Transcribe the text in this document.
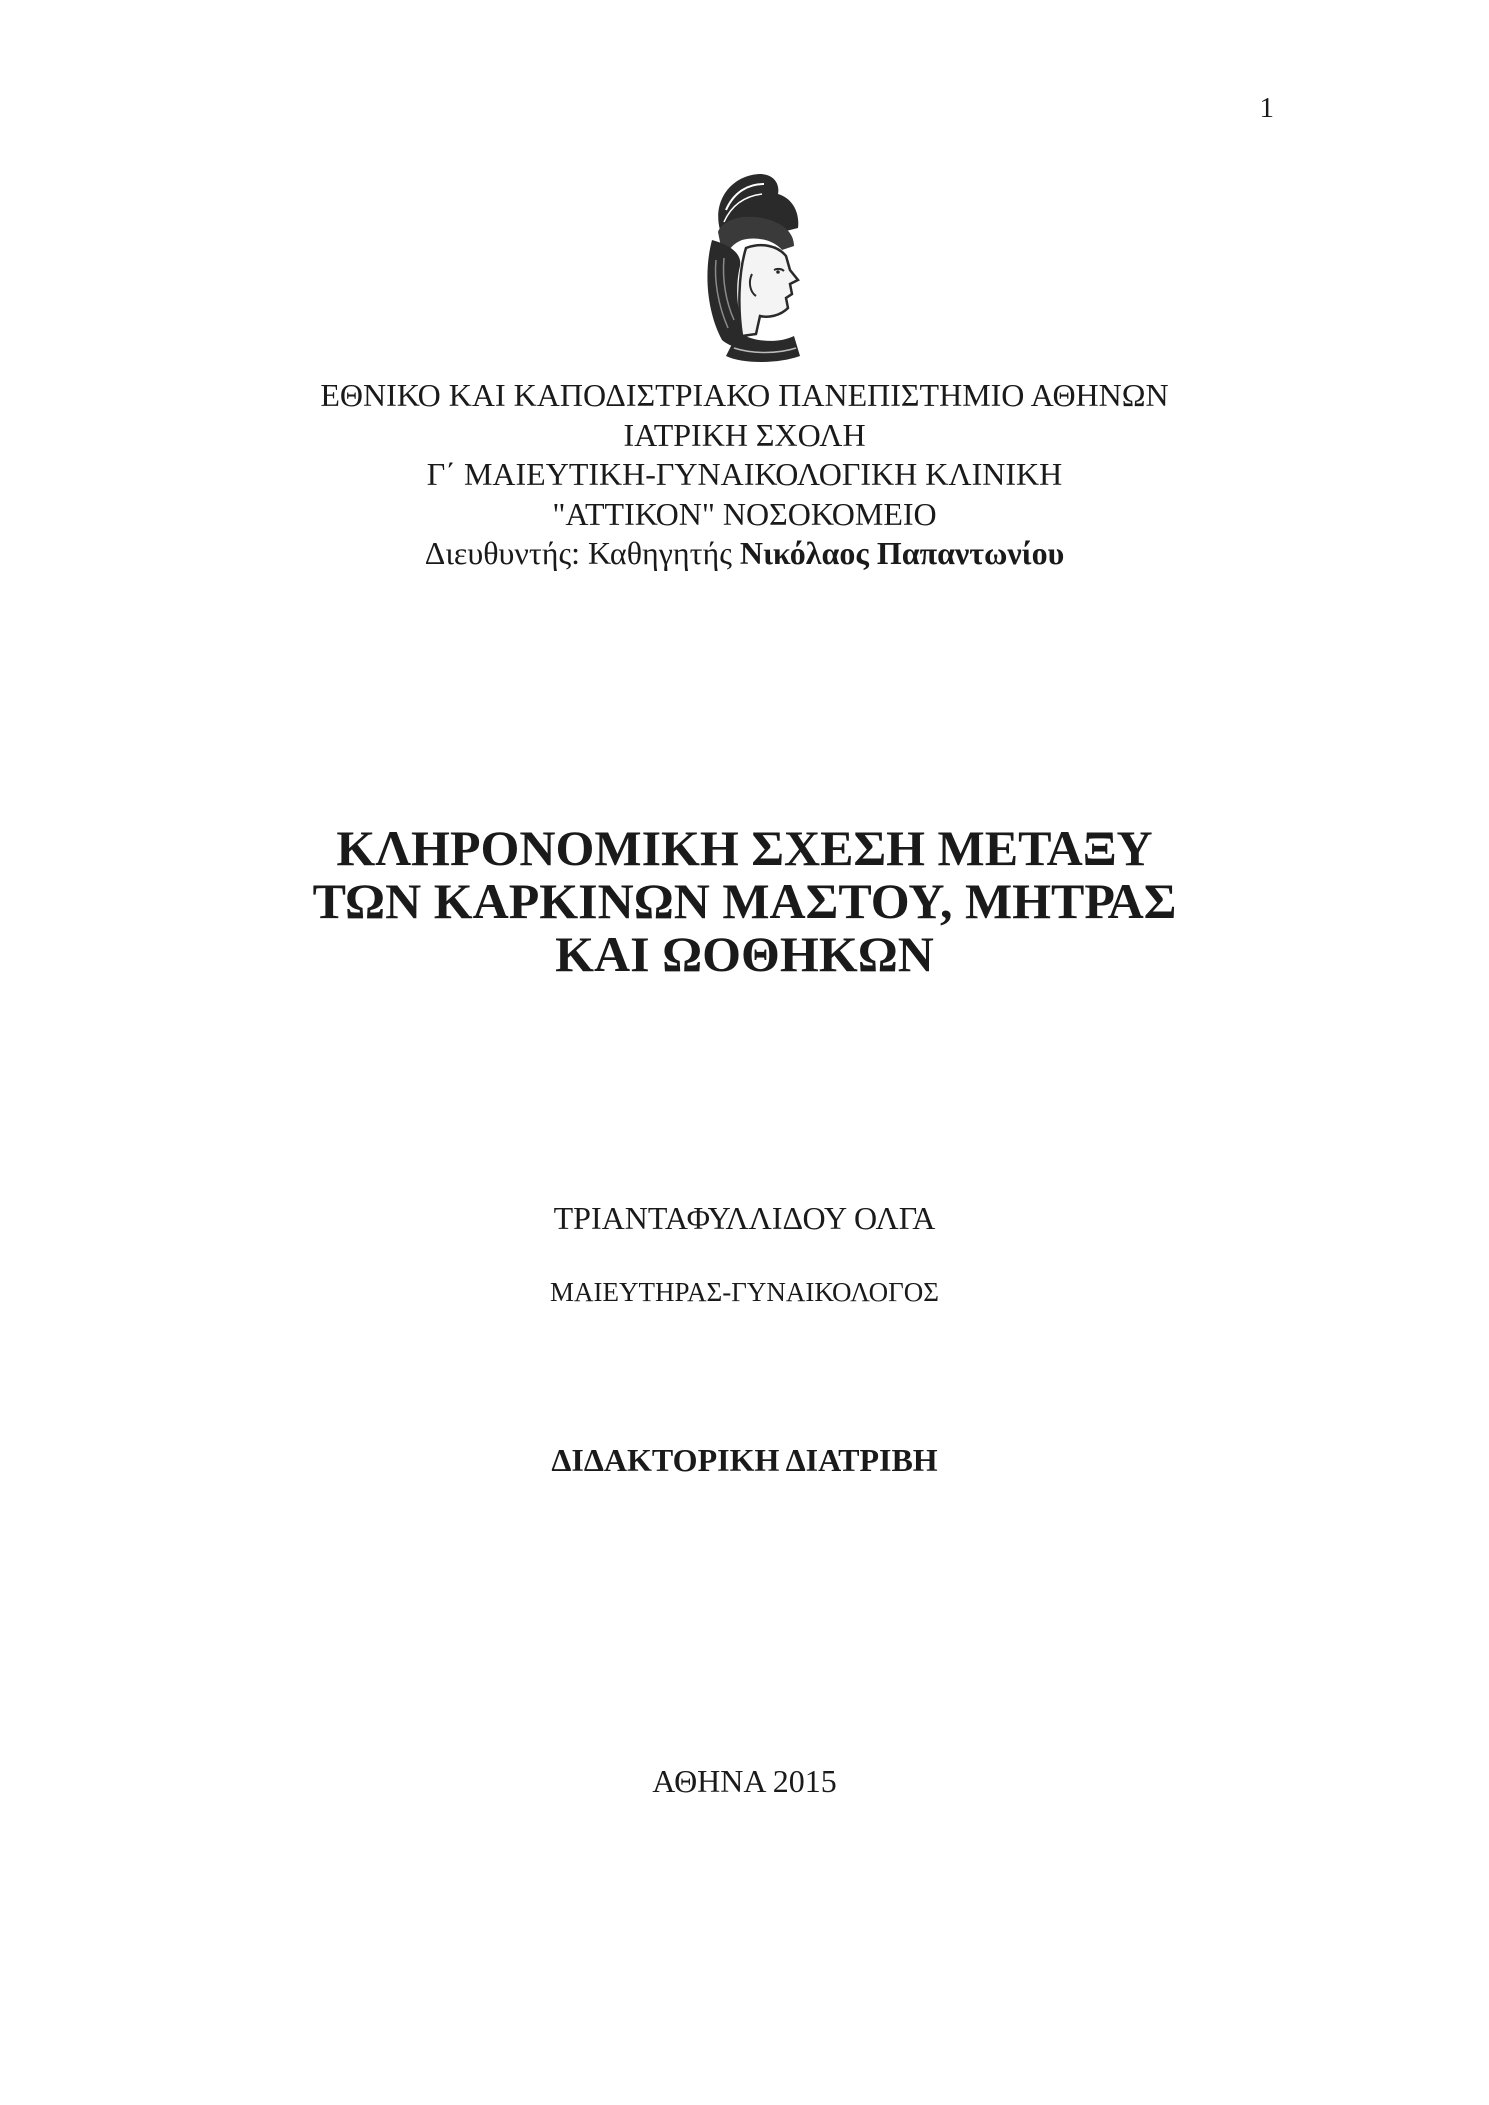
1
ΕΘΝΙΚΟ ΚΑΙ ΚΑΠΟΔΙΣΤΡΙΑΚΟ ΠΑΝΕΠΙΣΤΗΜΙΟ ΑΘΗΝΩΝ
ΙΑΤΡΙΚΗ ΣΧΟΛΗ
Γ΄ ΜΑΙΕΥΤΙΚΗ-ΓΥΝΑΙΚΟΛΟΓΙΚΗ ΚΛΙΝΙΚΗ
"ΑΤΤΙΚΟΝ" ΝΟΣΟΚΟΜΕΙΟ
Διευθυντής: Καθηγητής Νικόλαος Παπαντωνίου
ΚΛΗΡΟΝΟΜΙΚΗ ΣΧΕΣΗ ΜΕΤΑΞΥ
ΤΩΝ ΚΑΡΚΙΝΩΝ ΜΑΣΤΟΥ, ΜΗΤΡΑΣ
ΚΑΙ ΩΟΘΗΚΩΝ
ΤΡΙΑΝΤΑΦΥΛΛΙΔΟΥ ΟΛΓΑ
ΜΑΙΕΥΤΗΡΑΣ-ΓΥΝΑΙΚΟΛΟΓΟΣ
ΔΙΔΑΚΤΟΡΙΚΗ ΔΙΑΤΡΙΒΗ
ΑΘΗΝΑ 2015
